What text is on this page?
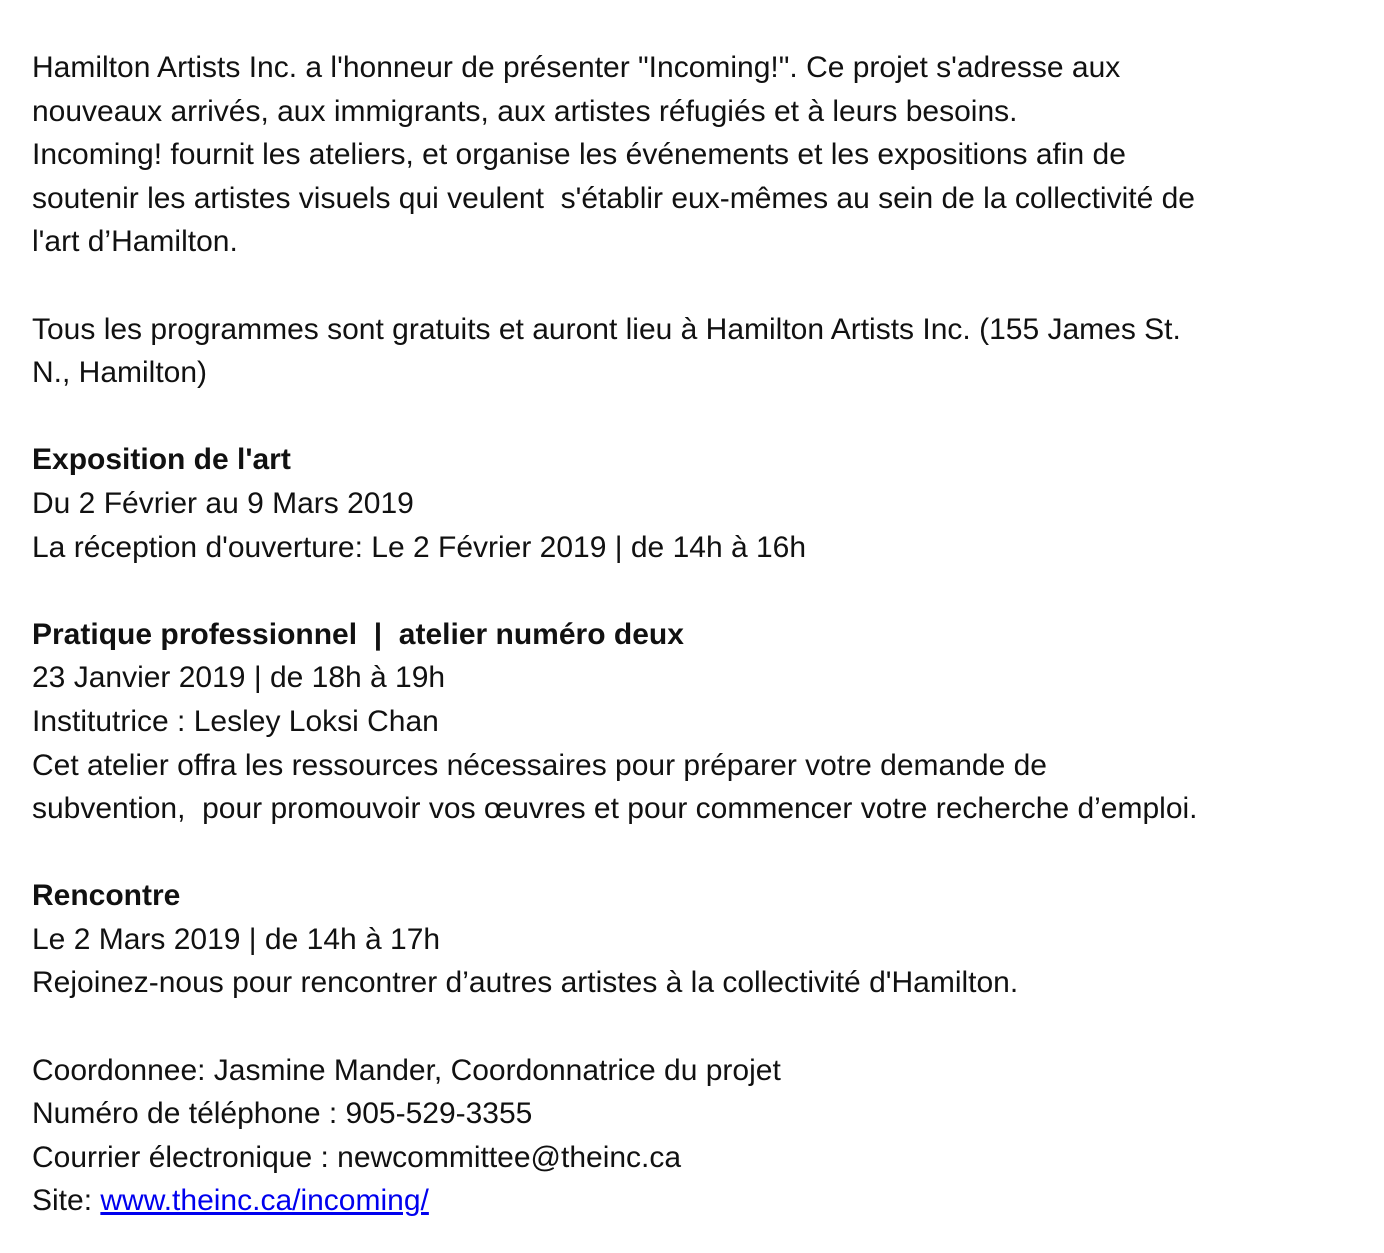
Hamilton Artists Inc. a l'honneur de présenter "Incoming!". Ce projet s'adresse aux
nouveaux arrivés, aux immigrants, aux artistes réfugiés et à leurs besoins.
Incoming! fournit les ateliers, et organise les événements et les expositions afin de
soutenir les artistes visuels qui veulent  s'établir eux-mêmes au sein de la collectivité de
l'art d’Hamilton.
Tous les programmes sont gratuits et auront lieu à Hamilton Artists Inc. (155 James St.
N., Hamilton)
Exposition de l'art
Du 2 Février au 9 Mars 2019
La réception d'ouverture: Le 2 Février 2019 | de 14h à 16h
Pratique professionnel  |  atelier numéro deux
23 Janvier 2019 | de 18h à 19h
Institutrice : Lesley Loksi Chan
Cet atelier offra les ressources nécessaires pour préparer votre demande de
subvention,  pour promouvoir vos œuvres et pour commencer votre recherche d’emploi.
Rencontre
Le 2 Mars 2019 | de 14h à 17h
Rejoinez-nous pour rencontrer d’autres artistes à la collectivité d'Hamilton.
Coordonnee: Jasmine Mander, Coordonnatrice du projet
Numéro de téléphone : 905-529-3355
Courrier électronique : newcommittee@theinc.ca
Site: www.theinc.ca/incoming/
